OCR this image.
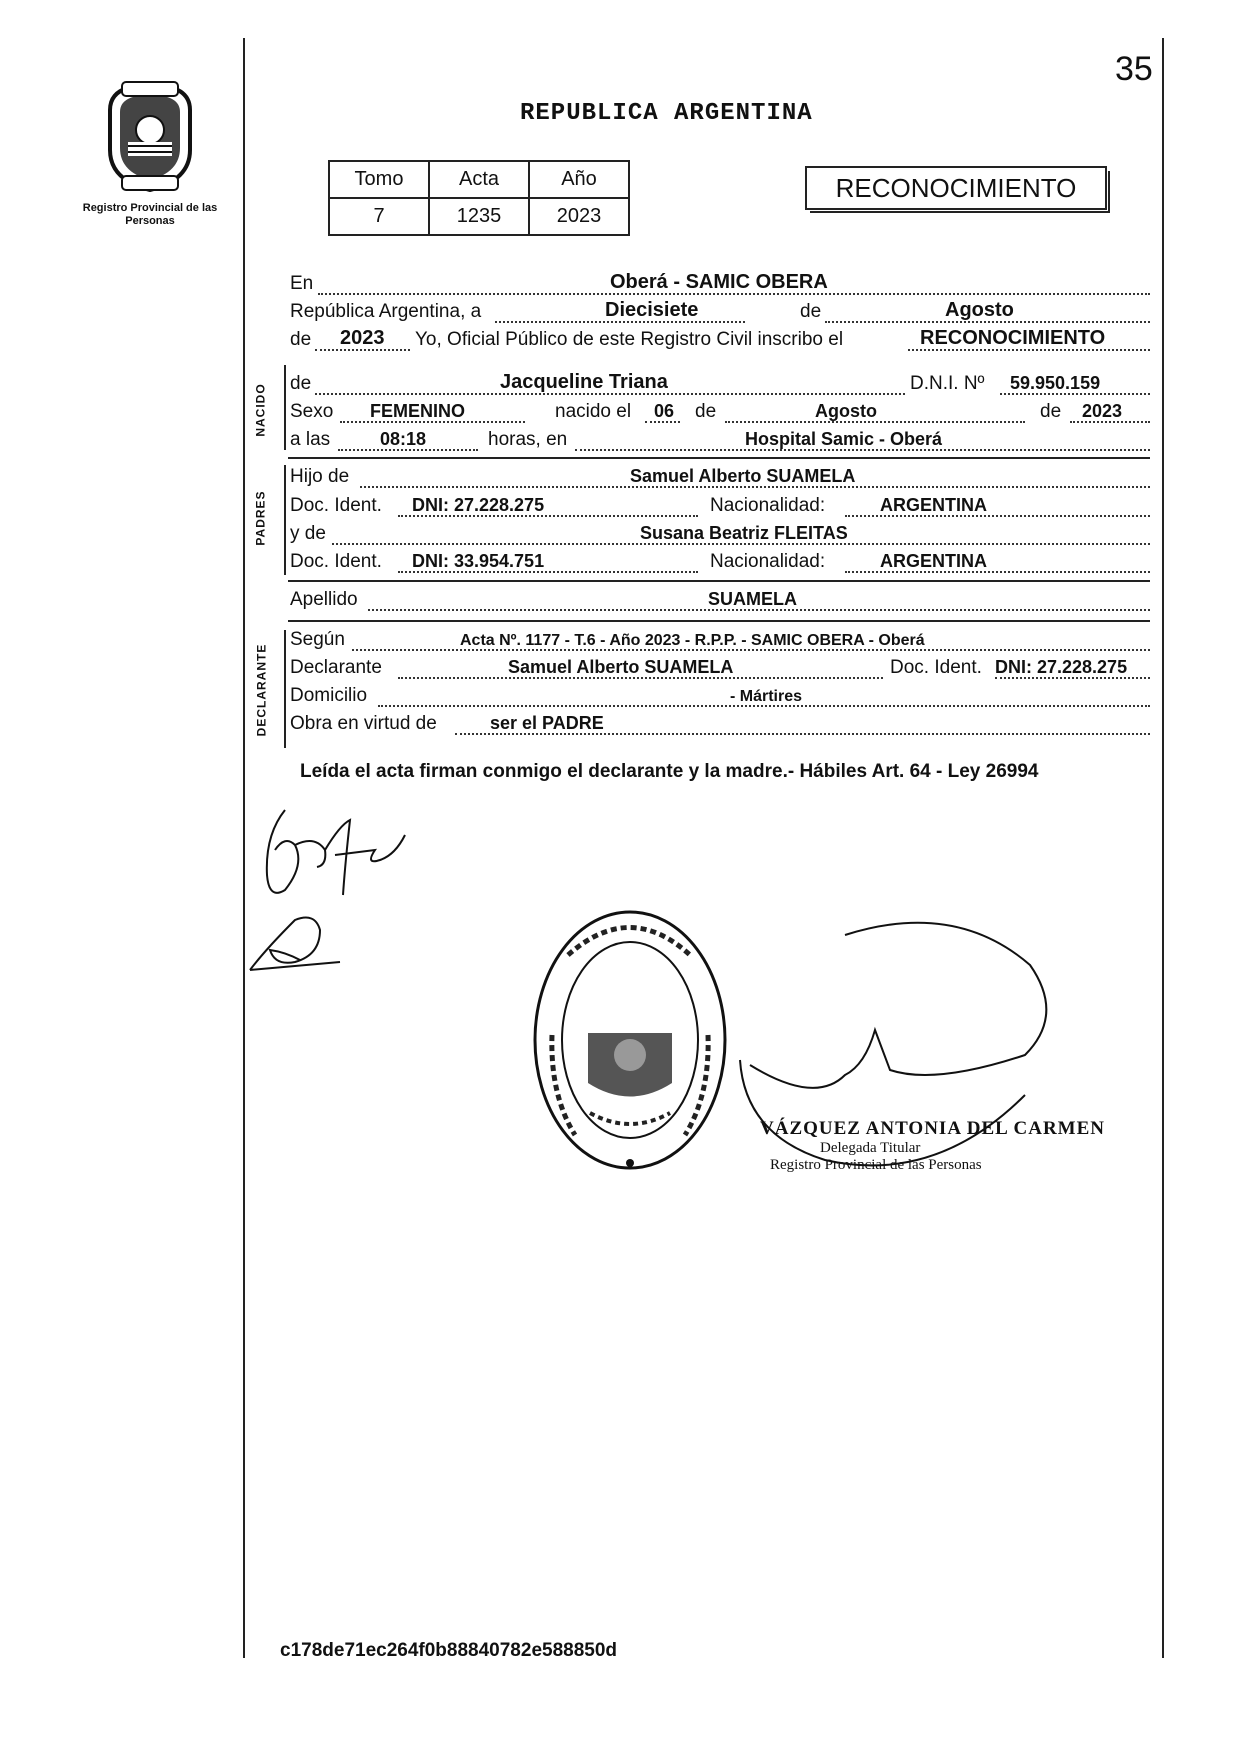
35
Registro Provincial de las Personas
REPUBLICA ARGENTINA
Tomo	Acta	Año
7	1235	2023
RECONOCIMIENTO
En	Oberá - SAMIC OBERA
República Argentina, a	Diecisiete	de	Agosto
de 2023 Yo, Oficial Público de este Registro Civil inscribo el	RECONOCIMIENTO
NACIDO de	Jacqueline Triana	D.N.I. Nº 59.950.159
Sexo FEMENINO	nacido el 06 de	Agosto	de 2023
a las	08:18	horas, en	Hospital Samic - Oberá
PADRES
Hijo de	Samuel Alberto SUAMELA
Doc. Ident. DNI: 27.228.275	Nacionalidad:	ARGENTINA
y de	Susana Beatriz FLEITAS
Doc. Ident. DNI: 33.954.751	Nacionalidad:	ARGENTINA
Apellido	SUAMELA
DECLARANTE
Según	Acta Nº. 1177 - T.6 - Año 2023 - R.P.P. - SAMIC OBERA - Oberá
Declarante	Samuel Alberto SUAMELA	Doc. Ident. DNI: 27.228.275
Domicilio	- Mártires
Obra en virtud de	ser el PADRE
Leída el acta firman conmigo el declarante y la madre.- Hábiles Art. 64 - Ley 26994
VÁZQUEZ ANTONIA DEL CARMEN
Delegada Titular
Registro Provincial de las Personas
c178de71ec264f0b88840782e588850d
